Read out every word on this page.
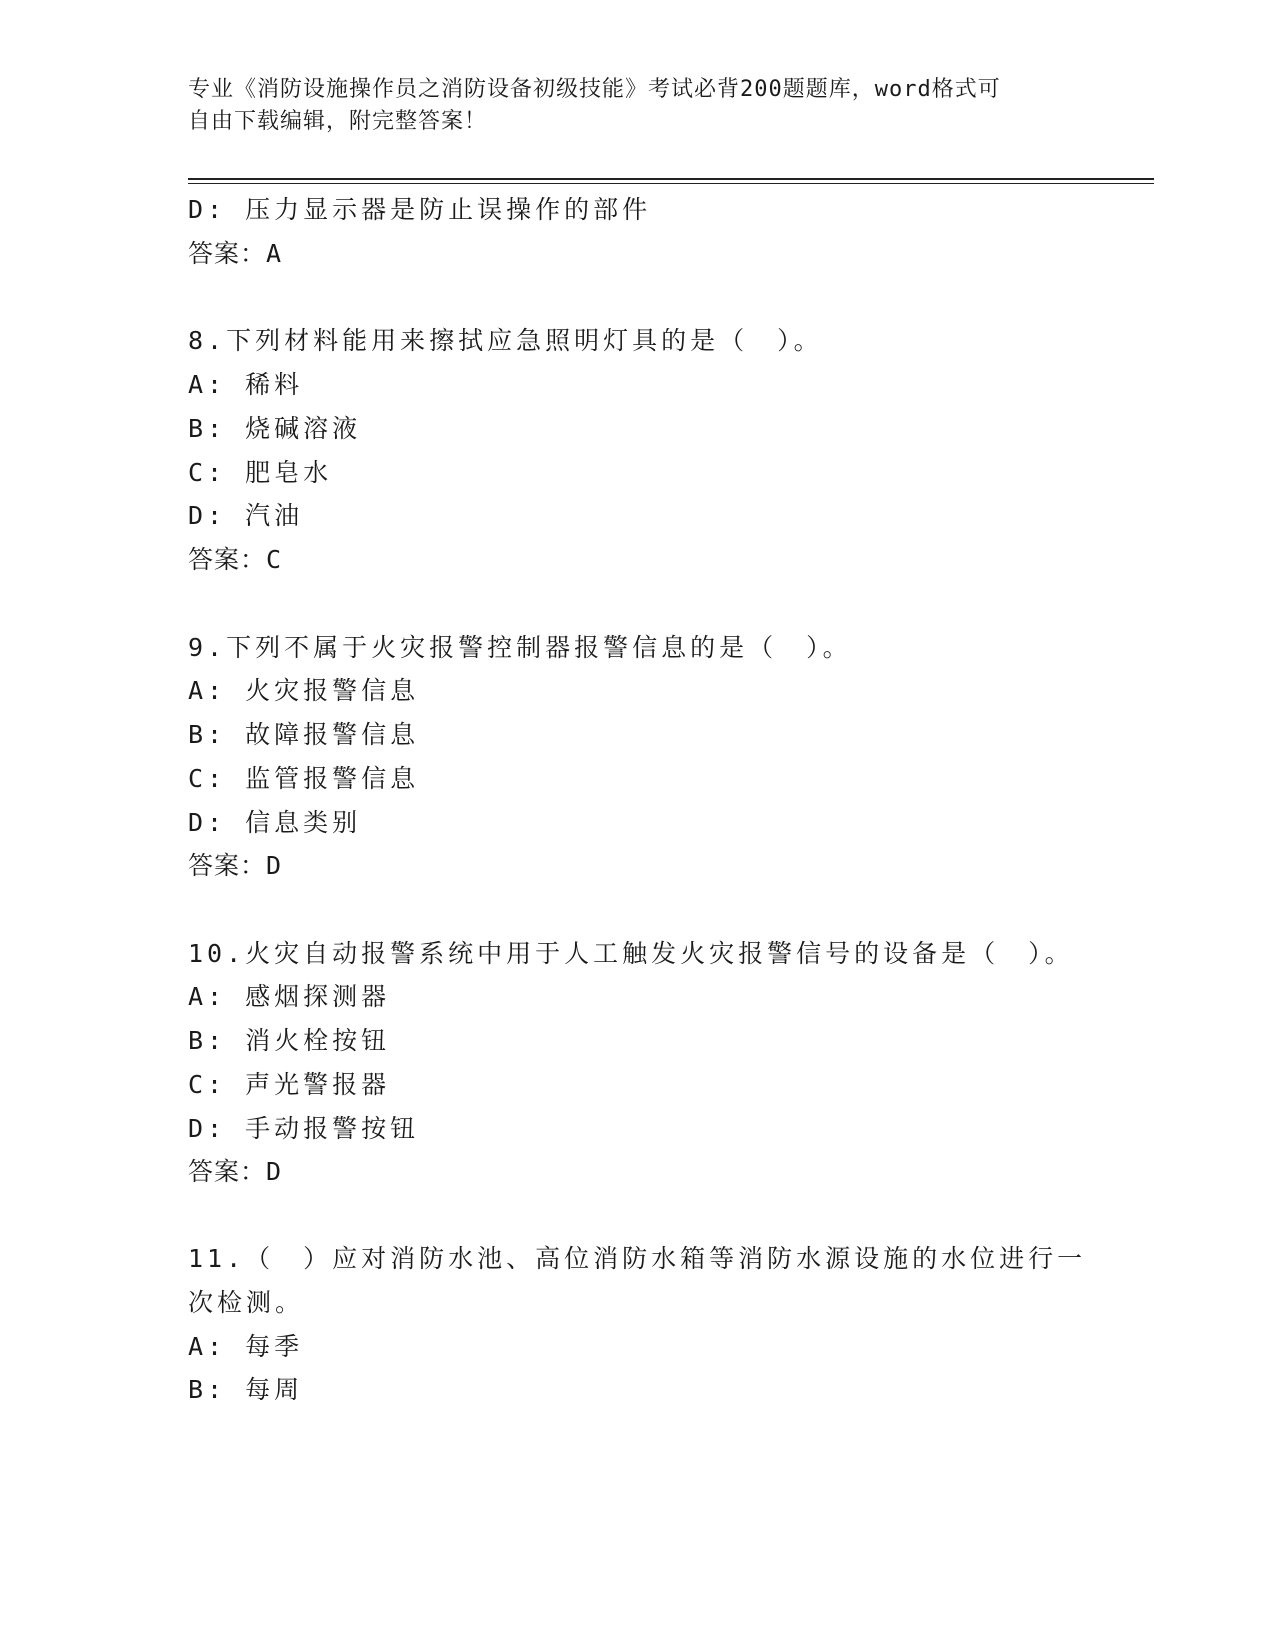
专业《消防设施操作员之消防设备初级技能》考试必背200题题库，word格式可
自由下载编辑，附完整答案！
D: 压力显示器是防止误操作的部件
答案：A
8.下列材料能用来擦拭应急照明灯具的是（　）。
A: 稀料
B: 烧碱溶液
C: 肥皂水
D: 汽油
答案：C
9.下列不属于火灾报警控制器报警信息的是（　）。
A: 火灾报警信息
B: 故障报警信息
C: 监管报警信息
D: 信息类别
答案：D
10.火灾自动报警系统中用于人工触发火灾报警信号的设备是（　）。
A: 感烟探测器
B: 消火栓按钮
C: 声光警报器
D: 手动报警按钮
答案：D
11.（　）应对消防水池、高位消防水箱等消防水源设施的水位进行一
次检测。
A: 每季
B: 每周
